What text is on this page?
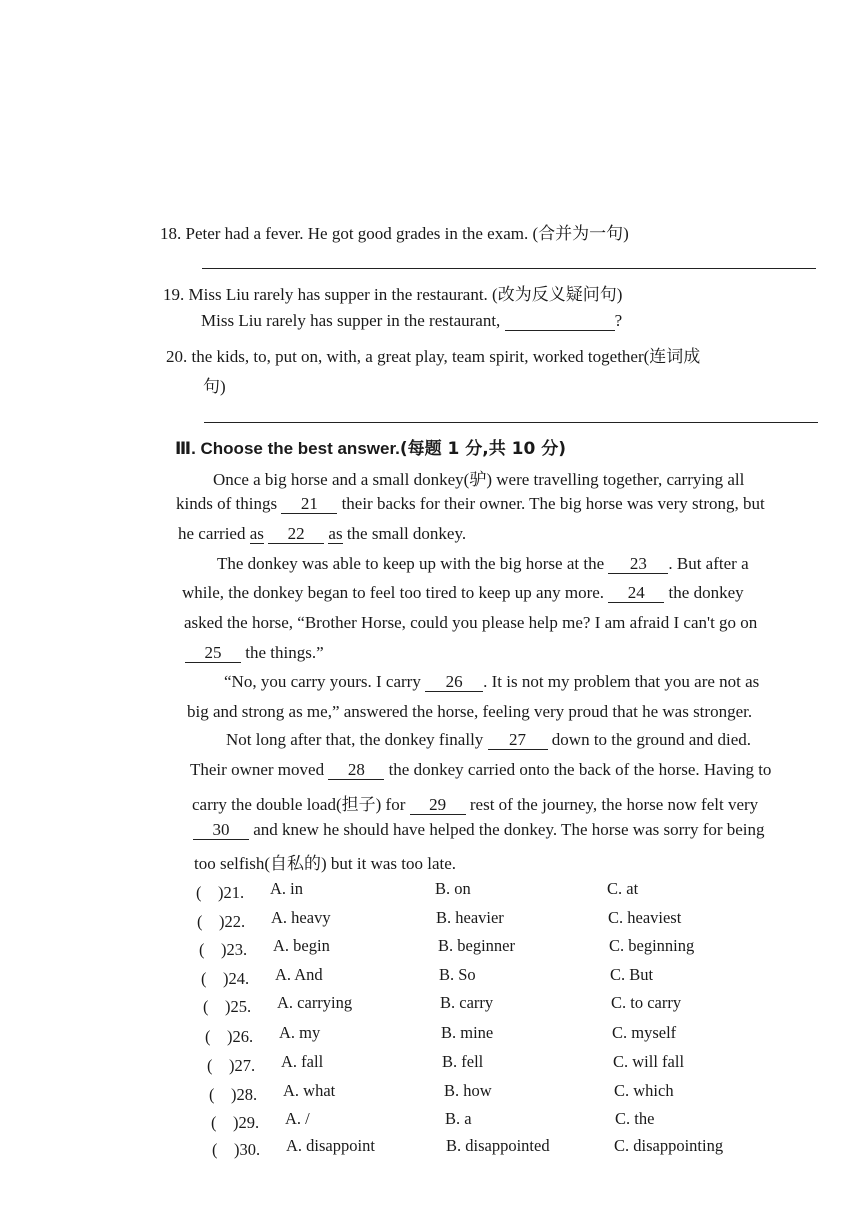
18. Peter had a fever. He got good grades in the exam. (合并为一句)
19. Miss Liu rarely has supper in the restaurant. (改为反义疑问句)
Miss Liu rarely has supper in the restaurant,	?
20. the kids, to, put on, with, a great play, team spirit, worked together(连词成
句)
Ⅲ. Choose the best answer.(每题 1 分,共 10 分)
Once a big horse and a small donkey(驴) were travelling together, carrying all
kinds of things 21 their backs for their owner. The big horse was very strong, but
he carried as 22 as the small donkey.
The donkey was able to keep up with the big horse at the 23 . But after a
while, the donkey began to feel too tired to keep up any more. 24 the donkey
asked the horse, “Brother Horse, could you please help me? I am afraid I can't go on
25 the things.”
“No, you carry yours. I carry 26 . It is not my problem that you are not as
big and strong as me,” answered the horse, feeling very proud that he was stronger.
Not long after that, the donkey finally 27 down to the ground and died.
Their owner moved 28 the donkey carried onto the back of the horse. Having to
carry the double load(担子) for 29 rest of the journey, the horse now felt very
30 and knew he should have helped the donkey. The horse was sorry for being
too selfish(自私的) but it was too late.
(　)21. A. in	B. on	C. at
(　)22. A. heavy	B. heavier	C. heaviest
(　)23. A. begin	B. beginner	C. beginning
(　)24. A. And	B. So	C. But
(　)25. A. carrying	B. carry	C. to carry
(　)26. A. my	B. mine	C. myself
(　)27. A. fall	B. fell	C. will fall
(　)28. A. what	B. how	C. which
(　)29. A. /	B. a	C. the
(　)30. A. disappoint	B. disappointed	C. disappointing
